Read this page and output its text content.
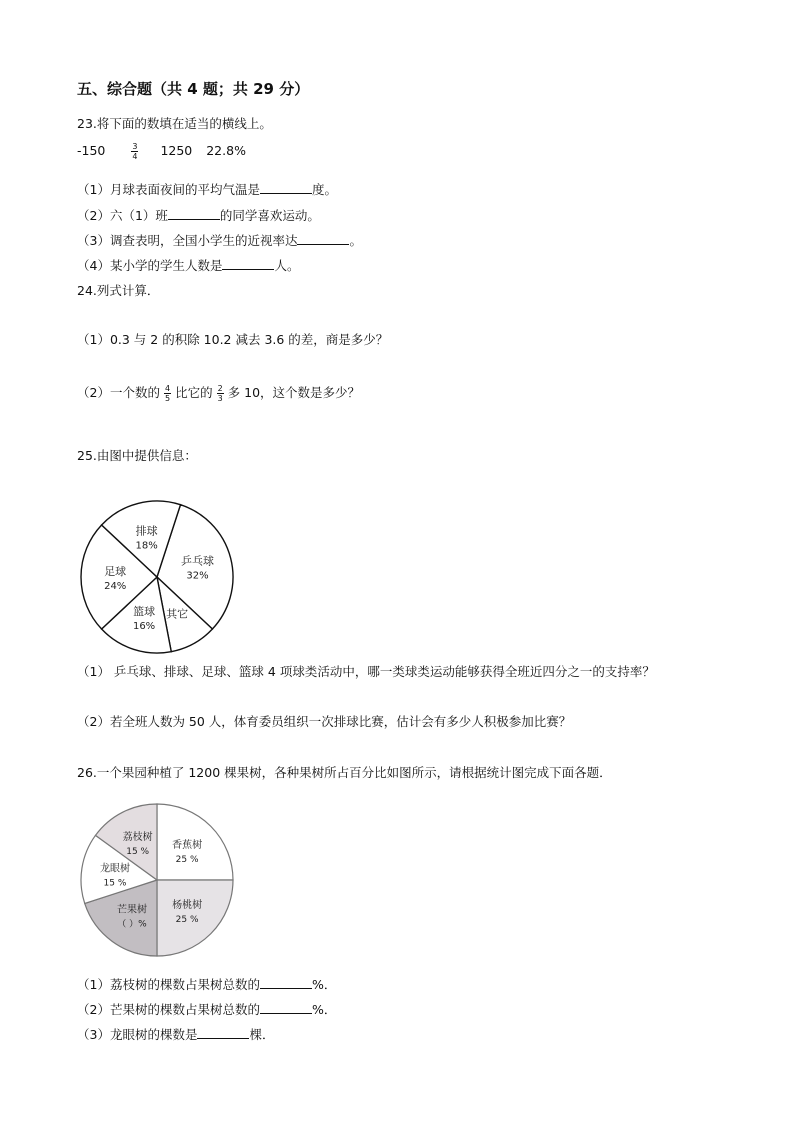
五、综合题（共 4 题；共 29 分）
23.将下面的数填在适当的横线上。
-150	$\frac{3}{4} 1250$ 22.8%
（1）月球表面夜间的平均气温是	度。
（2）六（1）班	的同学喜欢运动。
（3）调查表明，全国小学生的近视率达	。
（4）某小学的学生人数是	人。
24.列式计算．
（1）0.3 与 2 的积除 10.2 减去 3.6 的差，商是多少？
（2）一个数的 $\frac{4}{5}$ 比它的 $\frac{2}{3}$ 多 10，这个数是多少？
25.由图中提供信息：
乒乓球
32%
其它
篮球
16%
足球
24%
排球
18%
（1） 乒乓球、排球、足球、篮球 4 项球类活动中，哪一类球类运动能够获得全班近四分之一的支持率？
（2）若全班人数为 50 人，体育委员组织一次排球比赛，估计会有多少人积极参加比赛？
26.一个果园种植了 1200 棵果树，各种果树所占百分比如图所示，请根据统计图完成下面各题．
香蕉树
25 %
杨桃树
25 %
芒果树
（ ）%
龙眼树
15 %
荔枝树
15 %
（1）荔枝树的棵数占果树总数的	%．
（2）芒果树的棵数占果树总数的	%．
（3）龙眼树的棵数是	棵．
